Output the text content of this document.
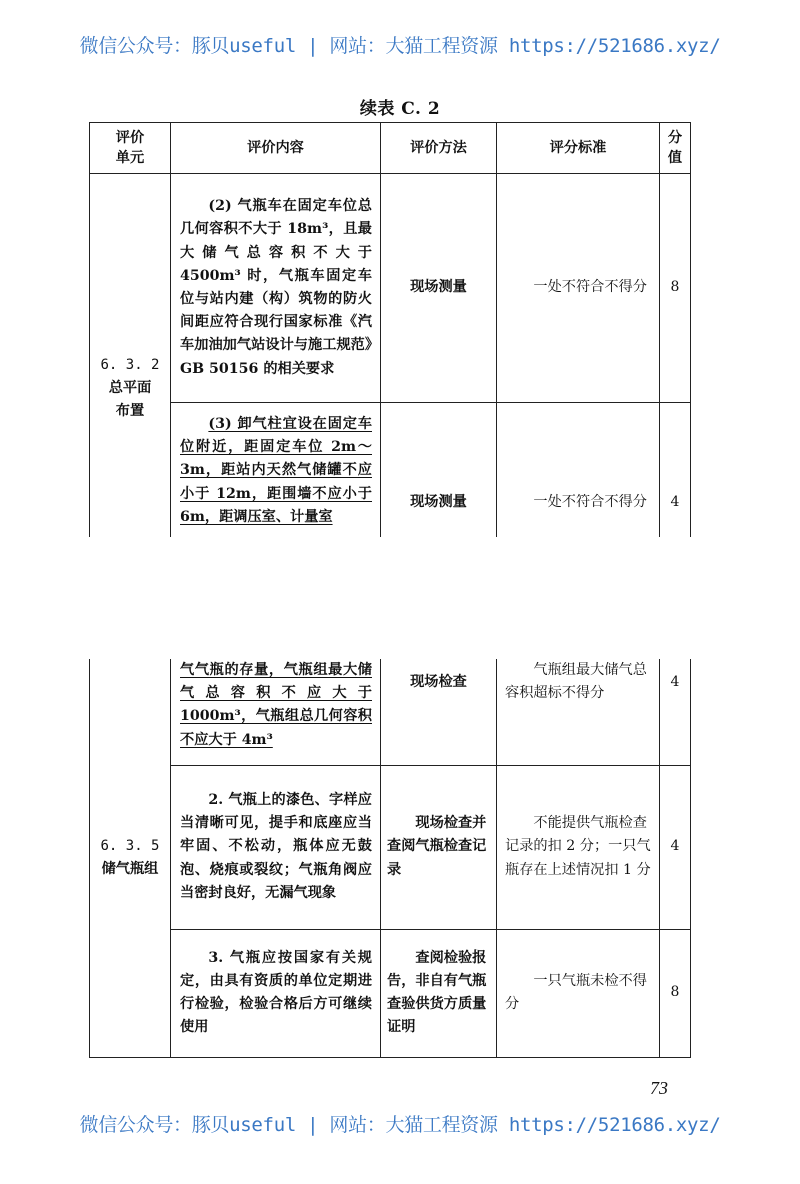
微信公众号：豚贝useful | 网站：大猫工程资源 https://521686.xyz/
续表 C. 2
评价
单元	评价内容	评价方法	评分标准	分
值
6. 3. 2
总平面
布置	(2) 气瓶车在固定车位总几何容积不大于 18m³，且最大储气总容积不大于 4500m³ 时，气瓶车固定车位与站内建（构）筑物的防火间距应符合现行国家标准《汽车加油加气站设计与施工规范》GB 50156 的相关要求	现场测量	一处不符合不得分	8
	(3) 卸气柱宜设在固定车位附近，距固定车位 2m～3m，距站内天然气储罐不应小于 12m，距围墙不应小于 6m，距调压室、计量室	现场测量	一处不符合不得分	4
6. 3. 5
储气瓶组	气气瓶的存量，气瓶组最大储气总容积不应大于 1000m³，气瓶组总几何容积不应大于 4m³	现场检查	气瓶组最大储气总容积超标不得分	4
	2. 气瓶上的漆色、字样应当清晰可见，提手和底座应当牢固、不松动，瓶体应无鼓泡、烧痕或裂纹；气瓶角阀应当密封良好，无漏气现象	现场检查并查阅气瓶检查记录	不能提供气瓶检查记录的扣 2 分；一只气瓶存在上述情况扣 1 分	4
	3. 气瓶应按国家有关规定，由具有资质的单位定期进行检验，检验合格后方可继续使用	查阅检验报告，非自有气瓶查验供货方质量证明	一只气瓶未检不得分	8
73
微信公众号：豚贝useful | 网站：大猫工程资源 https://521686.xyz/
